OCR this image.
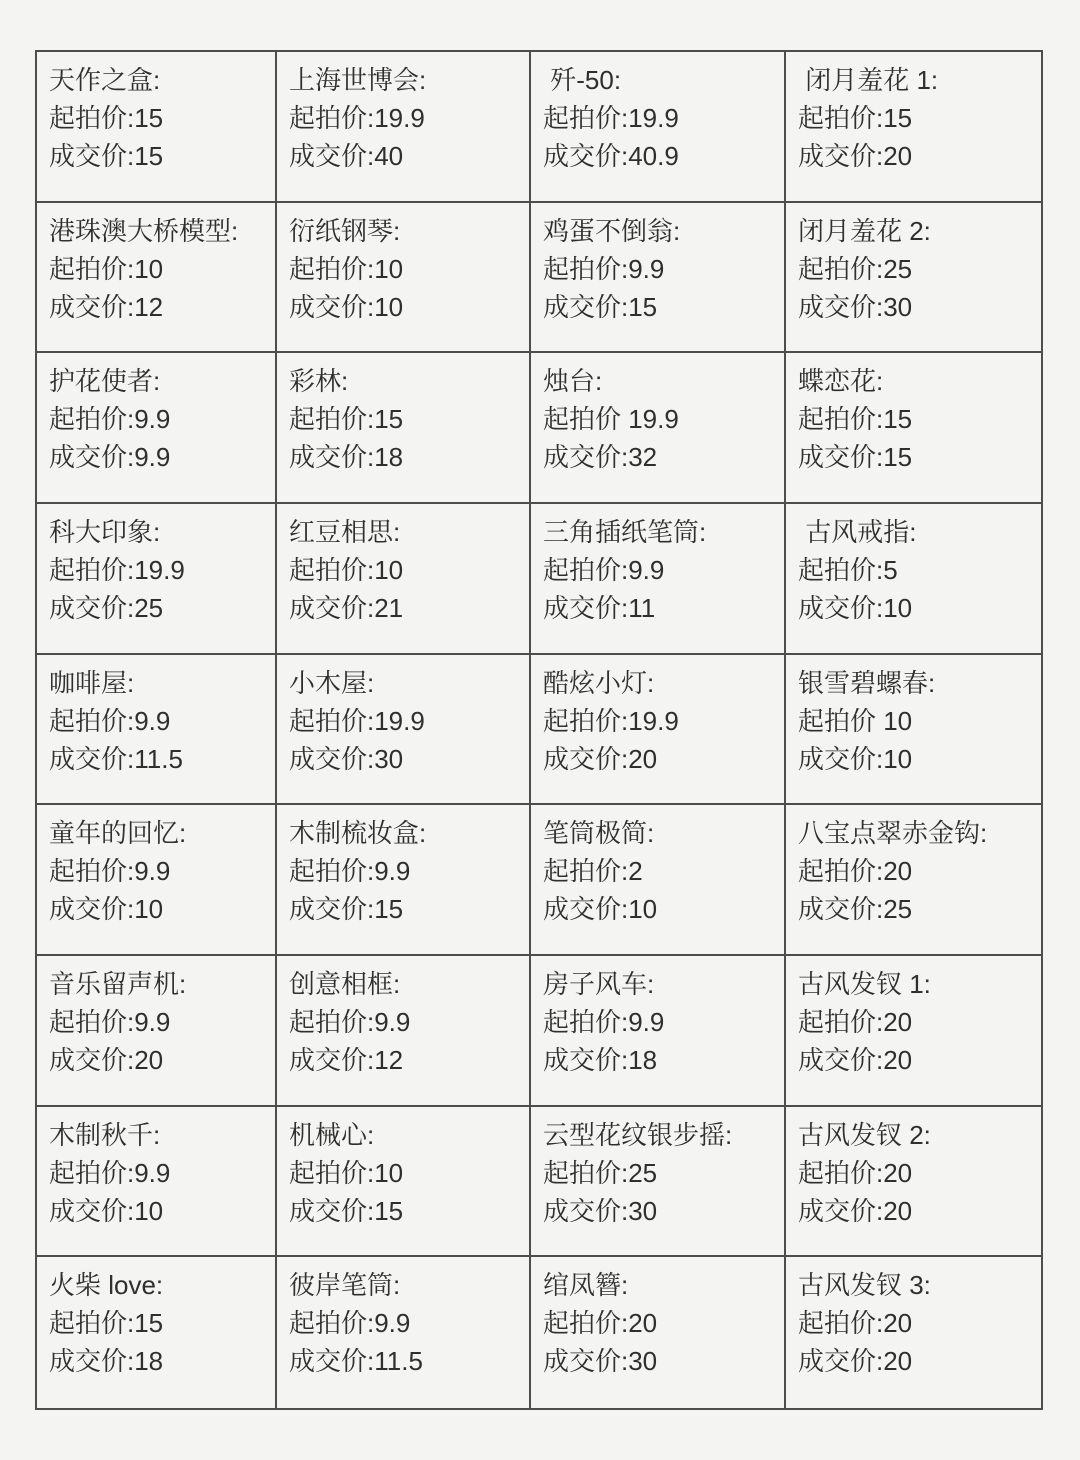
天作之盒:
起拍价:15
成交价:15
上海世博会:
起拍价:19.9
成交价:40
歼-50:
起拍价:19.9
成交价:40.9
闭月羞花 1:
起拍价:15
成交价:20
港珠澳大桥模型:
起拍价:10
成交价:12
衍纸钢琴:
起拍价:10
成交价:10
鸡蛋不倒翁:
起拍价:9.9
成交价:15
闭月羞花 2:
起拍价:25
成交价:30
护花使者:
起拍价:9.9
成交价:9.9
彩林:
起拍价:15
成交价:18
烛台:
起拍价 19.9
成交价:32
蝶恋花:
起拍价:15
成交价:15
科大印象:
起拍价:19.9
成交价:25
红豆相思:
起拍价:10
成交价:21
三角插纸笔筒:
起拍价:9.9
成交价:11
古风戒指:
起拍价:5
成交价:10
咖啡屋:
起拍价:9.9
成交价:11.5
小木屋:
起拍价:19.9
成交价:30
酷炫小灯:
起拍价:19.9
成交价:20
银雪碧螺春:
起拍价 10
成交价:10
童年的回忆:
起拍价:9.9
成交价:10
木制梳妆盒:
起拍价:9.9
成交价:15
笔筒极简:
起拍价:2
成交价:10
八宝点翠赤金钩:
起拍价:20
成交价:25
音乐留声机:
起拍价:9.9
成交价:20
创意相框:
起拍价:9.9
成交价:12
房子风车:
起拍价:9.9
成交价:18
古风发钗 1:
起拍价:20
成交价:20
木制秋千:
起拍价:9.9
成交价:10
机械心:
起拍价:10
成交价:15
云型花纹银步摇:
起拍价:25
成交价:30
古风发钗 2:
起拍价:20
成交价:20
火柴 love:
起拍价:15
成交价:18
彼岸笔筒:
起拍价:9.9
成交价:11.5
绾凤簪:
起拍价:20
成交价:30
古风发钗 3:
起拍价:20
成交价:20
